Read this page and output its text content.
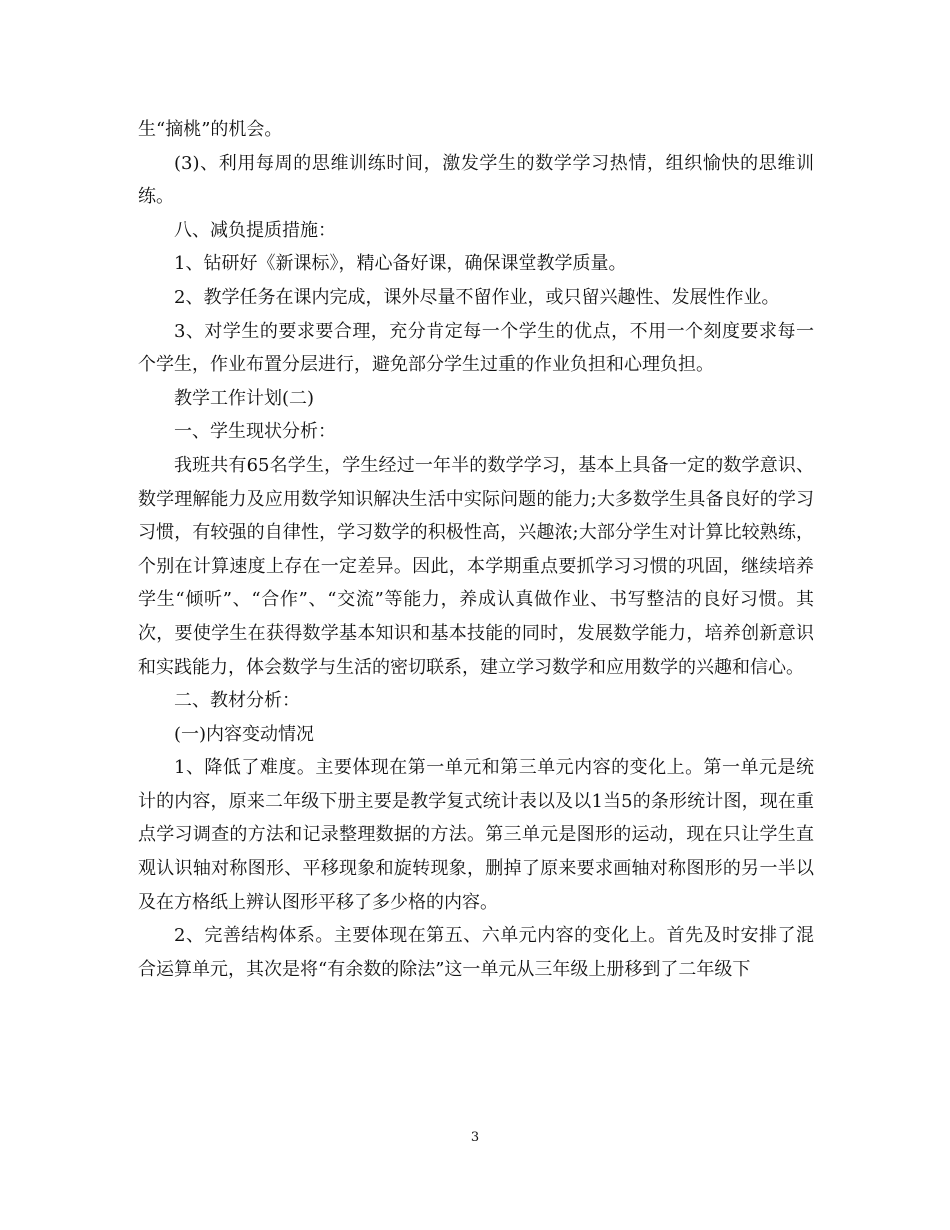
生“摘桃”的机会。

(3)、利用每周的思维训练时间，激发学生的数学学习热情，组织愉快的思维训练。

八、减负提质措施：

1、钻研好《新课标》，精心备好课，确保课堂教学质量。

2、教学任务在课内完成，课外尽量不留作业，或只留兴趣性、发展性作业。

3、对学生的要求要合理，充分肯定每一个学生的优点，不用一个刻度要求每一个学生，作业布置分层进行，避免部分学生过重的作业负担和心理负担。

教学工作计划(二)

一、学生现状分析：

我班共有65名学生，学生经过一年半的数学学习，基本上具备一定的数学意识、数学理解能力及应用数学知识解决生活中实际问题的能力;大多数学生具备良好的学习习惯，有较强的自律性，学习数学的积极性高，兴趣浓;大部分学生对计算比较熟练，个别在计算速度上存在一定差异。因此，本学期重点要抓学习习惯的巩固，继续培养学生“倾听”、“合作”、“交流”等能力，养成认真做作业、书写整洁的良好习惯。其次，要使学生在获得数学基本知识和基本技能的同时，发展数学能力，培养创新意识和实践能力，体会数学与生活的密切联系，建立学习数学和应用数学的兴趣和信心。

二、教材分析：

(一)内容变动情况

1、降低了难度。主要体现在第一单元和第三单元内容的变化上。第一单元是统计的内容，原来二年级下册主要是教学复式统计表以及以1当5的条形统计图，现在重点学习调查的方法和记录整理数据的方法。第三单元是图形的运动，现在只让学生直观认识轴对称图形、平移现象和旋转现象，删掉了原来要求画轴对称图形的另一半以及在方格纸上辨认图形平移了多少格的内容。

2、完善结构体系。主要体现在第五、六单元内容的变化上。首先及时安排了混合运算单元，其次是将“有余数的除法”这一单元从三年级上册移到了二年级下

3
